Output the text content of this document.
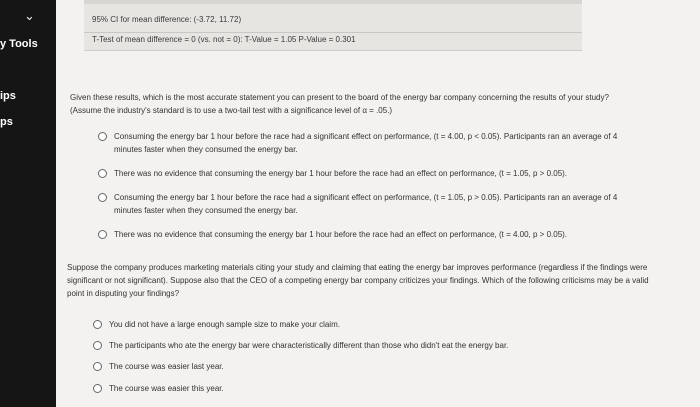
⌄
y Tools
ips
ps
95% CI for mean difference: (-3.72, 11.72)
T-Test of mean difference = 0 (vs. not = 0): T-Value = 1.05 P-Value = 0.301
Given these results, which is the most accurate statement you can present to the board of the energy bar company concerning the results of your study? (Assume the industry's standard is to use a two-tail test with a significance level of α = .05.)
Consuming the energy bar 1 hour before the race had a significant effect on performance, (t = 4.00, p < 0.05). Participants ran an average of 4 minutes faster when they consumed the energy bar.
There was no evidence that consuming the energy bar 1 hour before the race had an effect on performance, (t = 1.05, p > 0.05).
Consuming the energy bar 1 hour before the race had a significant effect on performance, (t = 1.05, p > 0.05). Participants ran an average of 4 minutes faster when they consumed the energy bar.
There was no evidence that consuming the energy bar 1 hour before the race had an effect on performance, (t = 4.00, p > 0.05).
Suppose the company produces marketing materials citing your study and claiming that eating the energy bar improves performance (regardless if the findings were significant or not significant). Suppose also that the CEO of a competing energy bar company criticizes your findings. Which of the following criticisms may be a valid point in disputing your findings?
You did not have a large enough sample size to make your claim.
The participants who ate the energy bar were characteristically different than those who didn't eat the energy bar.
The course was easier last year.
The course was easier this year.
